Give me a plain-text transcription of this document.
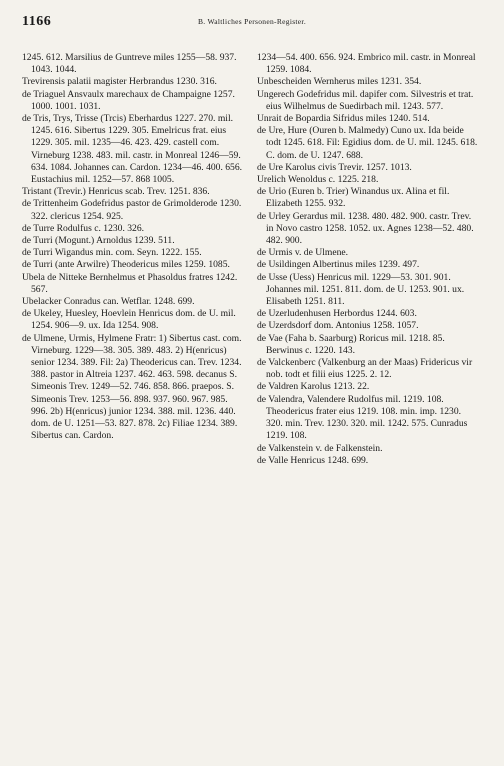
1166	B. Waltliches Personen-Register.

1245. 612. Marsilius de Guntreve miles 1255—58. 937. 1043. 1044.

Trevirensis palatii magister Herbrandus 1230. 316.

de Triaguel Ansvaulx marechaux de Champaigne 1257. 1000. 1001. 1031.

de Tris, Trys, Trisse (Trcis) Eberhardus 1227. 270. mil. 1245. 616. Sibertus 1229. 305. Emelricus frat. eius 1229. 305. mil. 1235—46. 423. 429. castell com. Virneburg 1238. 483. mil. castr. in Monreal 1246—59. 634. 1084. Johannes can. Cardon. 1234—46. 400. 656. Eustachius mil. 1252—57. 868 1005.

Tristant (Trevir.) Henricus scab. Trev. 1251. 836.

de Trittenheim Godefridus pastor de Grimolderode 1230. 322. clericus 1254. 925.

de Turre Rodulfus c. 1230. 326.

de Turri (Mogunt.) Arnoldus 1239. 511.

de Turri Wigandus min. com. Seyn. 1222. 155.

de Turri (ante Arwilre) Theodericus miles 1259. 1085.

Ubela de Nitteke Bernhelmus et Phasoldus fratres 1242. 567.

Ubelacker Conradus can. Wetflar. 1248. 699.

de Ukeley, Huesley, Hoevlein Henricus dom. de U. mil. 1254. 906—9. ux. Ida 1254. 908.

de Ulmene, Urmis, Hylmene Fratr: 1) Sibertus cast. com. Virneburg. 1229—38. 305. 389. 483. 2) H(enricus) senior 1234. 389. Fil: 2a) Theodericus can. Trev. 1234. 388. pastor in Altreia 1237. 462. 463. 598. decanus S. Simeonis Trev. 1249—52. 746. 858. 866. praepos. S. Simeonis Trev. 1253—56. 898. 937. 960. 967. 985. 996. 2b) H(enricus) junior 1234. 388. mil. 1236. 440. dom. de U. 1251—53. 827. 878. 2c) Filiae 1234. 389. Sibertus can. Cardon.

1234—54. 400. 656. 924. Embrico mil. castr. in Monreal 1259. 1084.

Unbescheiden Wernherus miles 1231. 354.

Ungerech Godefridus mil. dapifer com. Silvestris et trat. eius Wilhelmus de Suedirbach mil. 1243. 577.

Unrait de Bopardia Sifridus miles 1240. 514.

de Ure, Hure (Ouren b. Malmedy) Cuno ux. Ida beide todt 1245. 618. Fil: Egidius dom. de U. mil. 1245. 618. C. dom. de U. 1247. 688.

de Ure Karolus civis Trevir. 1257. 1013.

Urelich Wenoldus c. 1225. 218.

de Urio (Euren b. Trier) Winandus ux. Alina et fil. Elizabeth 1255. 932.

de Urley Gerardus mil. 1238. 480. 482. 900. castr. Trev. in Novo castro 1258. 1052. ux. Agnes 1238—52. 480. 482. 900.

de Urmis v. de Ulmene.

de Usildingen Albertinus miles 1239. 497.

de Usse (Uess) Henricus mil. 1229—53. 301. 901. Johannes mil. 1251. 811. dom. de U. 1253. 901. ux. Elisabeth 1251. 811.

de Uzerludenhusen Herbordus 1244. 603.

de Uzerdsdorf dom. Antonius 1258. 1057.

de Vae (Faha b. Saarburg) Roricus mil. 1218. 85. Berwinus c. 1220. 143.

de Valckenberc (Valkenburg an der Maas) Fridericus vir nob. todt et filii eius 1225. 2. 12.

de Valdren Karolus 1213. 22.

de Valendra, Valendere Rudolfus mil. 1219. 108. Theodericus frater eius 1219. 108. min. imp. 1230. 320. min. Trev. 1230. 320. mil. 1242. 575. Cunradus 1219. 108.

de Valkenstein v. de Falkenstein.

de Valle Henricus 1248. 699.
